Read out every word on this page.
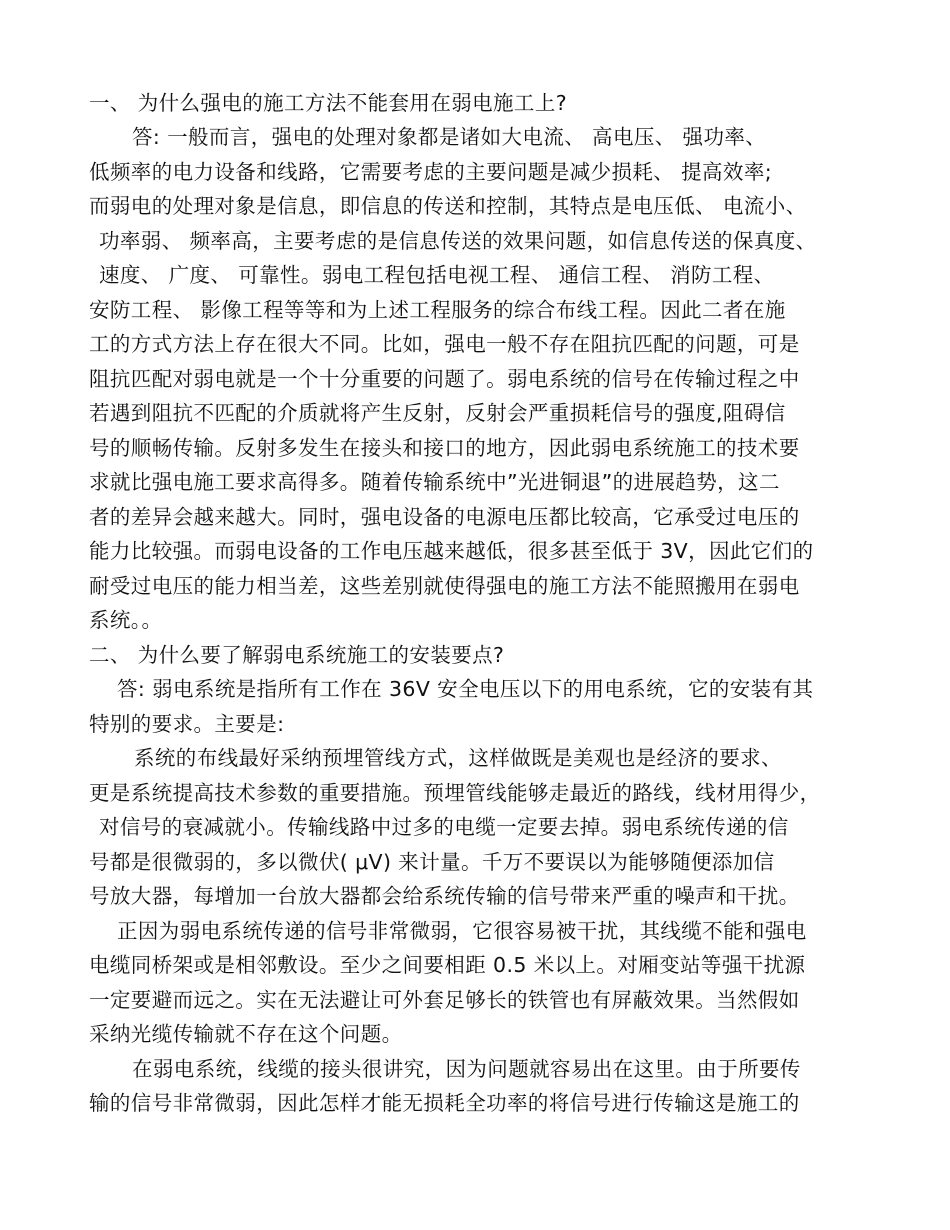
一、 为什么强电的施工方法不能套用在弱电施工上?
答: 一般而言，强电的处理对象都是诸如大电流、 高电压、 强功率、
低频率的电力设备和线路，它需要考虑的主要问题是减少损耗、 提高效率;
而弱电的处理对象是信息，即信息的传送和控制，其特点是电压低、 电流小、
功率弱、 频率高，主要考虑的是信息传送的效果问题，如信息传送的保真度、
速度、 广度、 可靠性。弱电工程包括电视工程、 通信工程、 消防工程、
安防工程、 影像工程等等和为上述工程服务的综合布线工程。因此二者在施
工的方式方法上存在很大不同。比如，强电一般不存在阻抗匹配的问题，可是
阻抗匹配对弱电就是一个十分重要的问题了。弱电系统的信号在传输过程之中
若遇到阻抗不匹配的介质就将产生反射，反射会严重损耗信号的强度,阻碍信
号的顺畅传输。反射多发生在接头和接口的地方，因此弱电系统施工的技术要
求就比强电施工要求高得多。随着传输系统中”光进铜退”的进展趋势，这二
者的差异会越来越大。同时，强电设备的电源电压都比较高，它承受过电压的
能力比较强。而弱电设备的工作电压越来越低，很多甚至低于 3V，因此它们的
耐受过电压的能力相当差，这些差别就使得强电的施工方法不能照搬用在弱电
系统。。
二、 为什么要了解弱电系统施工的安装要点?
答: 弱电系统是指所有工作在 36V 安全电压以下的用电系统，它的安装有其
特别的要求。主要是:
系统的布线最好采纳预埋管线方式，这样做既是美观也是经济的要求、
更是系统提高技术参数的重要措施。预埋管线能够走最近的路线，线材用得少，
对信号的衰减就小。传输线路中过多的电缆一定要去掉。弱电系统传递的信
号都是很微弱的，多以微伏( μV) 来计量。千万不要误以为能够随便添加信
号放大器，每增加一台放大器都会给系统传输的信号带来严重的噪声和干扰。
正因为弱电系统传递的信号非常微弱，它很容易被干扰，其线缆不能和强电
电缆同桥架或是相邻敷设。至少之间要相距 0.5 米以上。对厢变站等强干扰源
一定要避而远之。实在无法避让可外套足够长的铁管也有屏蔽效果。当然假如
采纳光缆传输就不存在这个问题。
在弱电系统，线缆的接头很讲究，因为问题就容易出在这里。由于所要传
输的信号非常微弱，因此怎样才能无损耗全功率的将信号进行传输这是施工的
